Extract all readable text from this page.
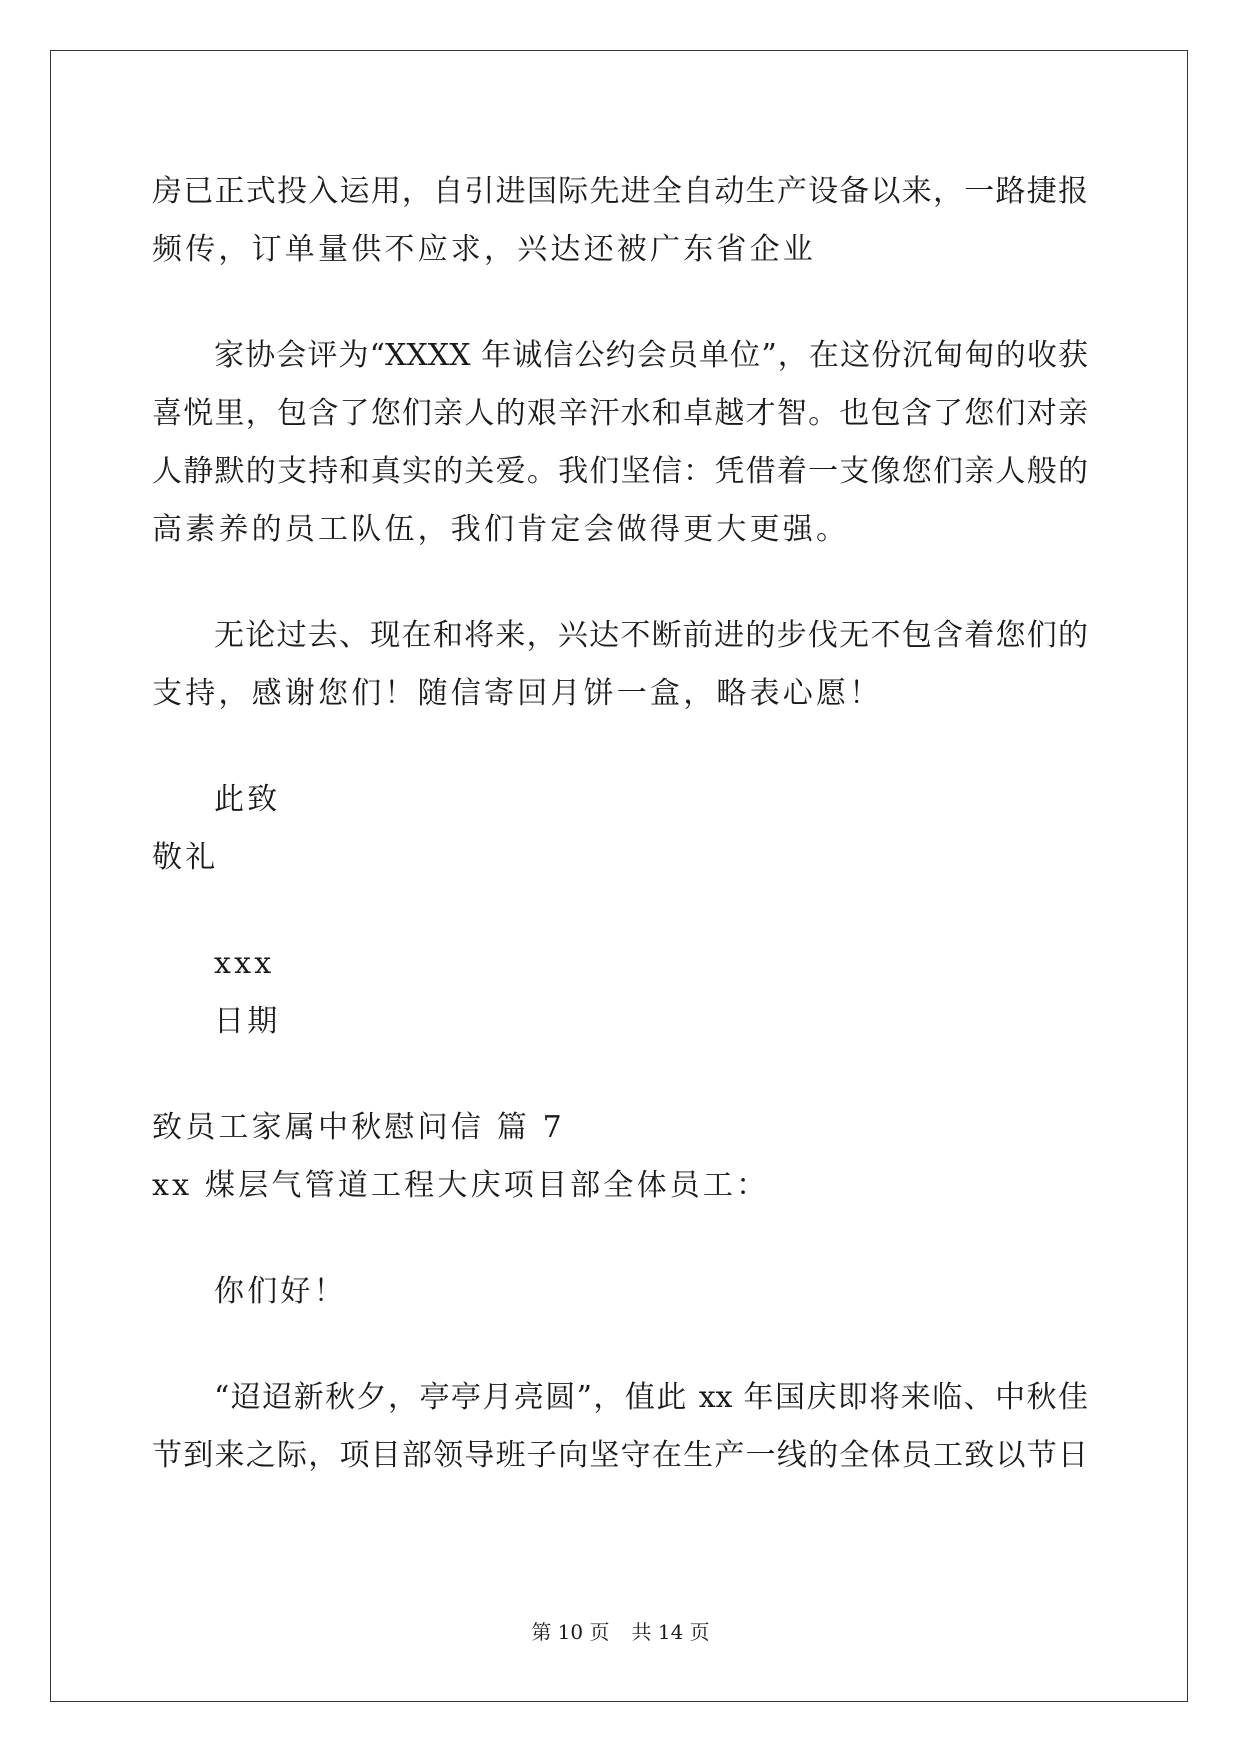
房已正式投入运用，自引进国际先进全自动生产设备以来，一路捷报
频传，订单量供不应求，兴达还被广东省企业
家协会评为“XXXX 年诚信公约会员单位”，在这份沉甸甸的收获
喜悦里，包含了您们亲人的艰辛汗水和卓越才智。也包含了您们对亲
人静默的支持和真实的关爱。我们坚信：凭借着一支像您们亲人般的
高素养的员工队伍，我们肯定会做得更大更强。
无论过去、现在和将来，兴达不断前进的步伐无不包含着您们的
支持，感谢您们！随信寄回月饼一盒，略表心愿！
此致
敬礼
xxx
日期
致员工家属中秋慰问信 篇 7
xx 煤层气管道工程大庆项目部全体员工：
你们好！
“迢迢新秋夕，亭亭月亮圆”，值此 xx 年国庆即将来临、中秋佳
节到来之际，项目部领导班子向坚守在生产一线的全体员工致以节日
第 10 页 共 14 页
